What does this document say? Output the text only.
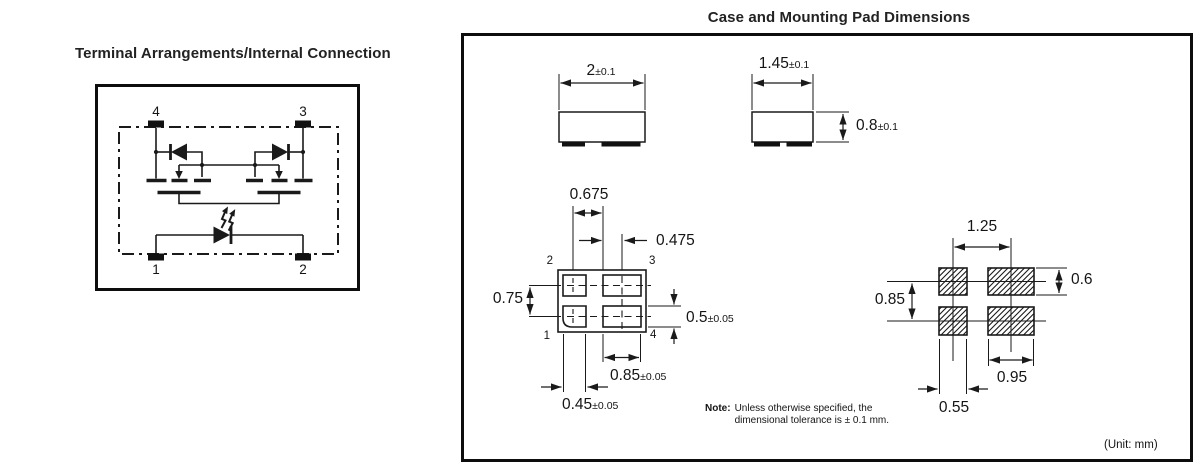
Terminal Arrangements/Internal Connection
Case and Mounting Pad Dimensions
4	3
1	2
2±0.1	1.45±0.1
0.8±0.1
0.675
0.475
0.75
0.5±0.05
0.85±0.05
0.45±0.05
2	3
1	4
1.25
0.6
0.85
0.95
0.55
Note: Unless otherwise specified, the
dimensional tolerance is ± 0.1 mm.
(Unit: mm)
